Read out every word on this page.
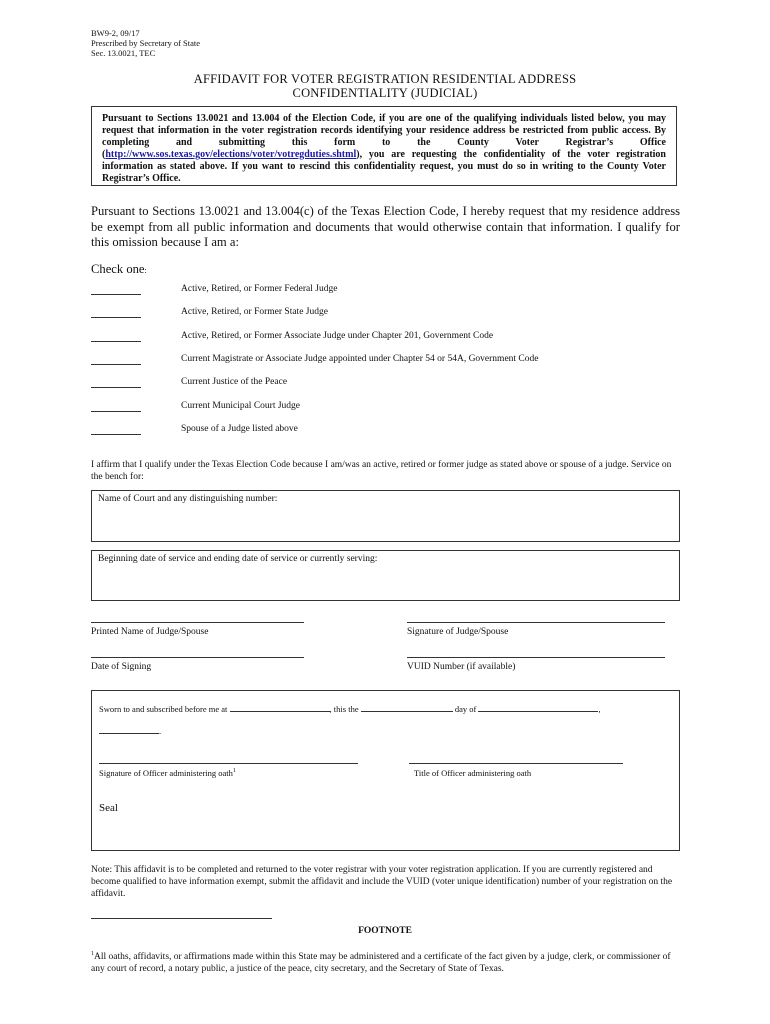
BW9-2, 09/17
Prescribed by Secretary of State
Sec. 13.0021, TEC
AFFIDAVIT FOR VOTER REGISTRATION RESIDENTIAL ADDRESS
CONFIDENTIALITY (JUDICIAL)
Pursuant to Sections 13.0021 and 13.004 of the Election Code, if you are one of the qualifying individuals listed below, you may request that information in the voter registration records identifying your residence address be restricted from public access. By completing and submitting this form to the County Voter Registrar’s Office (http://www.sos.texas.gov/elections/voter/votregduties.shtml), you are requesting the confidentiality of the voter registration information as stated above. If you want to rescind this confidentiality request, you must do so in writing to the County Voter Registrar’s Office.
Pursuant to Sections 13.0021 and 13.004(c) of the Texas Election Code, I hereby request that my residence address be exempt from all public information and documents that would otherwise contain that information. I qualify for this omission because I am a:
Check one:
Active, Retired, or Former Federal Judge
Active, Retired, or Former State Judge
Active, Retired, or Former Associate Judge under Chapter 201, Government Code
Current Magistrate or Associate Judge appointed under Chapter 54 or 54A, Government Code
Current Justice of the Peace
Current Municipal Court Judge
Spouse of a Judge listed above
I affirm that I qualify under the Texas Election Code because I am/was an active, retired or former judge as stated above or spouse of a judge. Service on the bench for:
Name of Court and any distinguishing number:
Beginning date of service and ending date of service or currently serving:
Printed Name of Judge/Spouse	Signature of Judge/Spouse
Date of Signing	VUID Number (if available)
Sworn to and subscribed before me at	, this the	day of	,
.
Signature of Officer administering oath$^1$	Title of Officer administering oath
Seal
Note: This affidavit is to be completed and returned to the voter registrar with your voter registration application. If you are currently registered and become qualified to have information exempt, submit the affidavit and include the VUID (voter unique identification) number of your registration on the affidavit.
FOOTNOTE
$^1$All oaths, affidavits, or affirmations made within this State may be administered and a certificate of the fact given by a judge, clerk, or commissioner of any court of record, a notary public, a justice of the peace, city secretary, and the Secretary of State of Texas.
